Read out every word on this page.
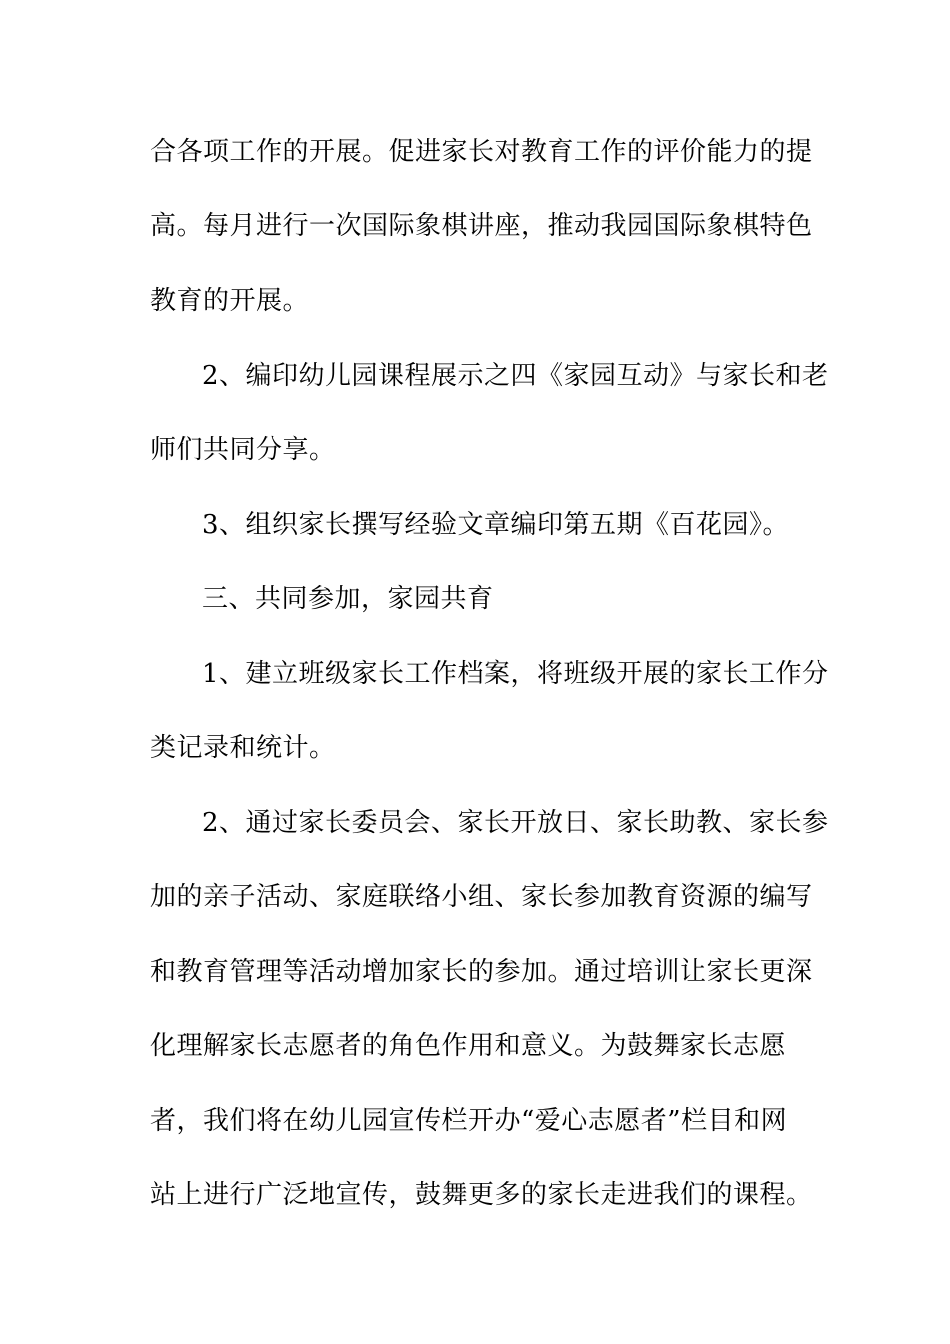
合各项工作的开展。促进家长对教育工作的评价能力的提
高。每月进行一次国际象棋讲座，推动我园国际象棋特色
教育的开展。
2、编印幼儿园课程展示之四《家园互动》与家长和老
师们共同分享。
3、组织家长撰写经验文章编印第五期《百花园》。
三、共同参加，家园共育
1、建立班级家长工作档案，将班级开展的家长工作分
类记录和统计。
2、通过家长委员会、家长开放日、家长助教、家长参
加的亲子活动、家庭联络小组、家长参加教育资源的编写
和教育管理等活动增加家长的参加。通过培训让家长更深
化理解家长志愿者的角色作用和意义。为鼓舞家长志愿
者，我们将在幼儿园宣传栏开办“爱心志愿者”栏目和网
站上进行广泛地宣传，鼓舞更多的家长走进我们的课程。
